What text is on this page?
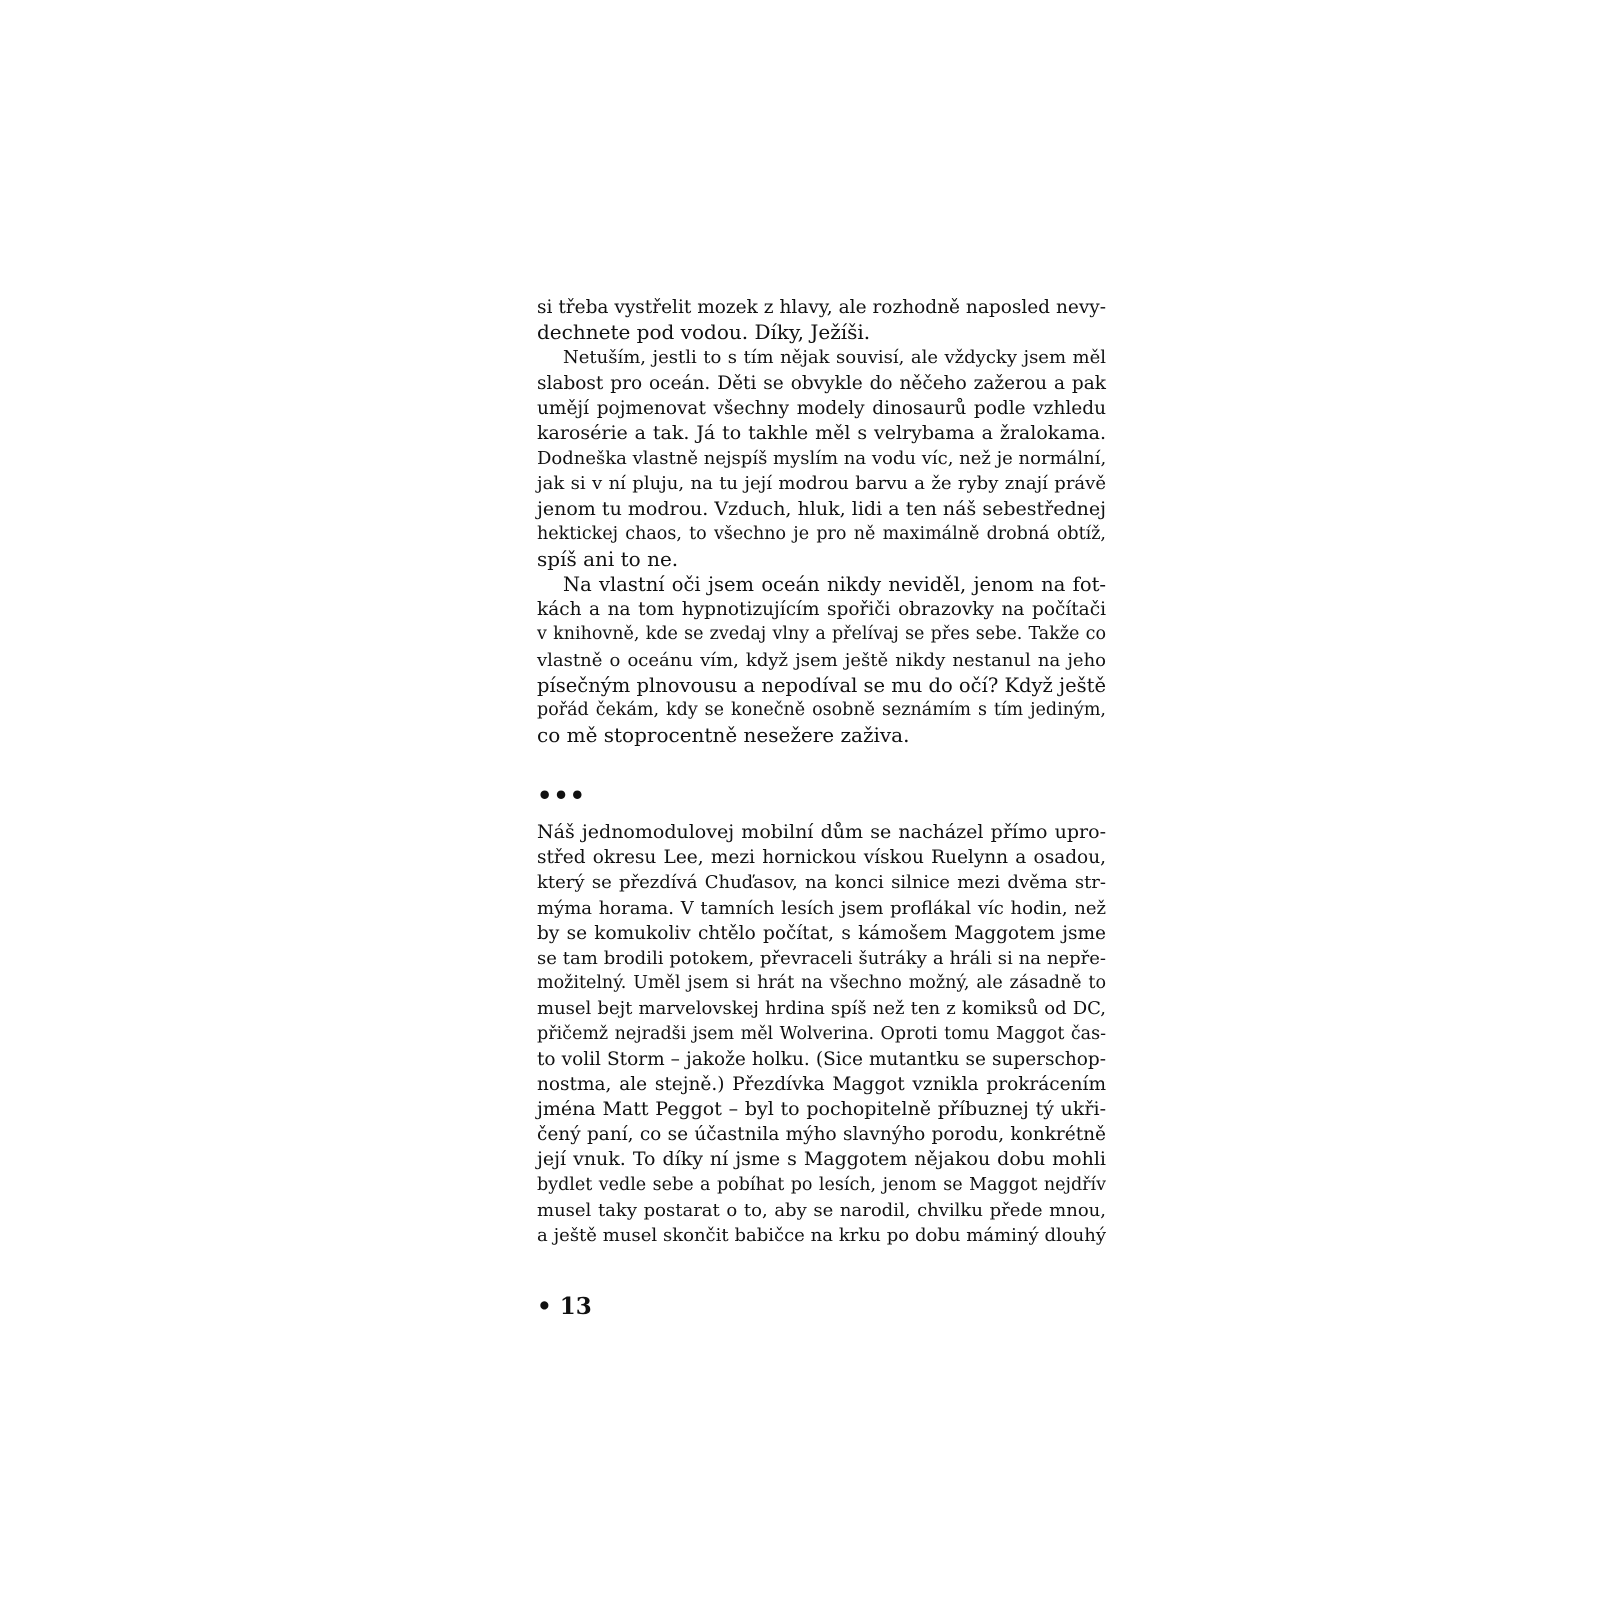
si třeba vystřelit mozek z hlavy, ale rozhodně naposled nevy-
dechnete pod vodou. Díky, Ježíši.
Netuším, jestli to s tím nějak souvisí, ale vždycky jsem měl
slabost pro oceán. Děti se obvykle do něčeho zažerou a pak
umějí pojmenovat všechny modely dinosaurů podle vzhledu
karosérie a tak. Já to takhle měl s velrybama a žralokama.
Dodneška vlastně nejspíš myslím na vodu víc, než je normální,
jak si v ní pluju, na tu její modrou barvu a že ryby znají právě
jenom tu modrou. Vzduch, hluk, lidi a ten náš sebestřednej
hektickej chaos, to všechno je pro ně maximálně drobná obtíž,
spíš ani to ne.
Na vlastní oči jsem oceán nikdy neviděl, jenom na fot-
kách a na tom hypnotizujícím spořiči obrazovky na počítači
v knihovně, kde se zvedaj vlny a přelívaj se přes sebe. Takže co
vlastně o oceánu vím, když jsem ještě nikdy nestanul na jeho
písečným plnovousu a nepodíval se mu do očí? Když ještě
pořád čekám, kdy se konečně osobně seznámím s tím jediným,
co mě stoprocentně nesežere zaživa.
•••
Náš jednomodulovej mobilní dům se nacházel přímo upro-
střed okresu Lee, mezi hornickou vískou Ruelynn a osadou,
který se přezdívá Chuďasov, na konci silnice mezi dvěma str-
mýma horama. V tamních lesích jsem proflákal víc hodin, než
by se komukoliv chtělo počítat, s kámošem Maggotem jsme
se tam brodili potokem, převraceli šutráky a hráli si na nepře-
možitelný. Uměl jsem si hrát na všechno možný, ale zásadně to
musel bejt marvelovskej hrdina spíš než ten z komiksů od DC,
přičemž nejradši jsem měl Wolverina. Oproti tomu Maggot čas-
to volil Storm – jakože holku. (Sice mutantku se superschop-
nostma, ale stejně.) Přezdívka Maggot vznikla prokrácením
jména Matt Peggot – byl to pochopitelně příbuznej tý ukři-
čený paní, co se účastnila mýho slavnýho porodu, konkrétně
její vnuk. To díky ní jsme s Maggotem nějakou dobu mohli
bydlet vedle sebe a pobíhat po lesích, jenom se Maggot nejdřív
musel taky postarat o to, aby se narodil, chvilku přede mnou,
a ještě musel skončit babičce na krku po dobu máminý dlouhý
• 13
